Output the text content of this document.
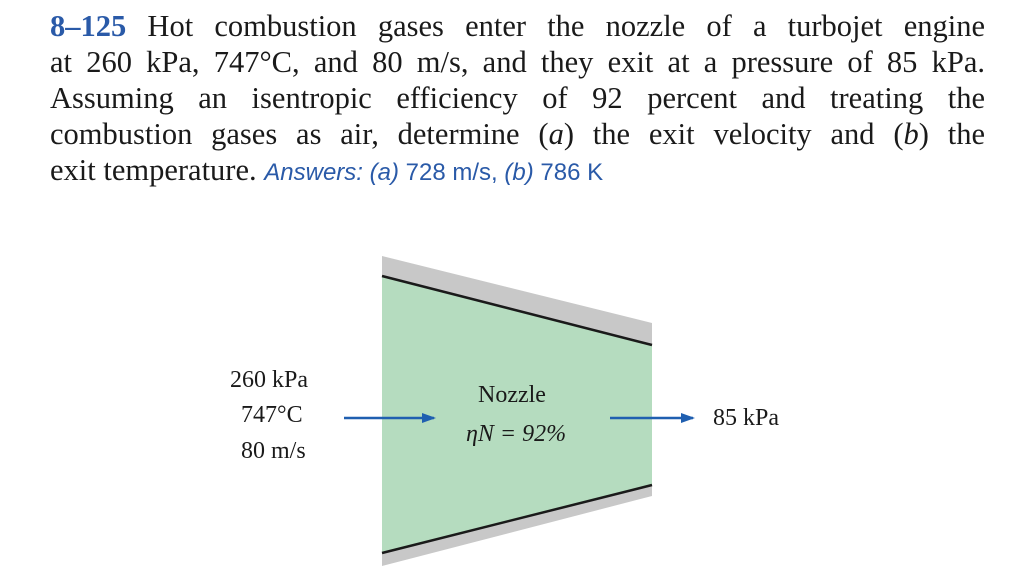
8–125 Hot combustion gases enter the nozzle of a turbojet engine
at 260 kPa, 747°C, and 80 m/s, and they exit at a pressure of 85 kPa.
Assuming an isentropic efficiency of 92 percent and treating the
combustion gases as air, determine (a) the exit velocity and (b) the
exit temperature. Answers: (a) 728 m/s, (b) 786 K
260 kPa
747°C
80 m/s
Nozzle
ηN = 92%
85 kPa
